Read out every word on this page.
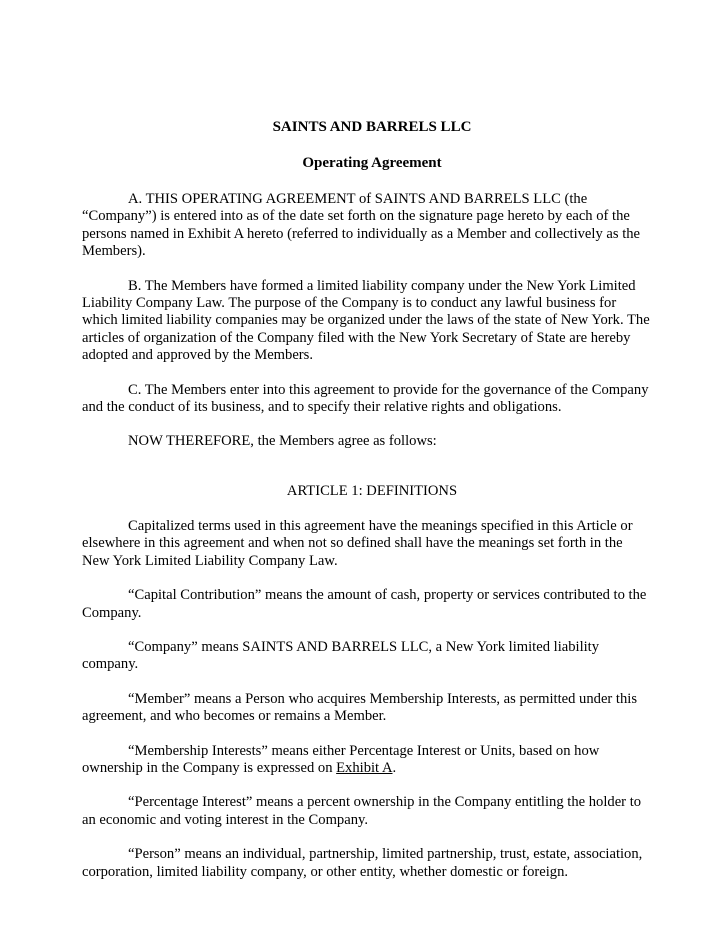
SAINTS AND BARRELS LLC
Operating Agreement

A. THIS OPERATING AGREEMENT of SAINTS AND BARRELS LLC (the “Company”) is entered into as of the date set forth on the signature page hereto by each of the persons named in Exhibit A hereto (referred to individually as a Member and collectively as the Members).

B. The Members have formed a limited liability company under the New York Limited Liability Company Law. The purpose of the Company is to conduct any lawful business for which limited liability companies may be organized under the laws of the state of New York. The articles of organization of the Company filed with the New York Secretary of State are hereby adopted and approved by the Members.

C. The Members enter into this agreement to provide for the governance of the Company and the conduct of its business, and to specify their relative rights and obligations.

NOW THEREFORE, the Members agree as follows:

ARTICLE 1: DEFINITIONS

Capitalized terms used in this agreement have the meanings specified in this Article or elsewhere in this agreement and when not so defined shall have the meanings set forth in the New York Limited Liability Company Law.

“Capital Contribution” means the amount of cash, property or services contributed to the Company.

“Company” means SAINTS AND BARRELS LLC, a New York limited liability company.

“Member” means a Person who acquires Membership Interests, as permitted under this agreement, and who becomes or remains a Member.

“Membership Interests” means either Percentage Interest or Units, based on how ownership in the Company is expressed on Exhibit A.

“Percentage Interest” means a percent ownership in the Company entitling the holder to an economic and voting interest in the Company.

“Person” means an individual, partnership, limited partnership, trust, estate, association, corporation, limited liability company, or other entity, whether domestic or foreign.
